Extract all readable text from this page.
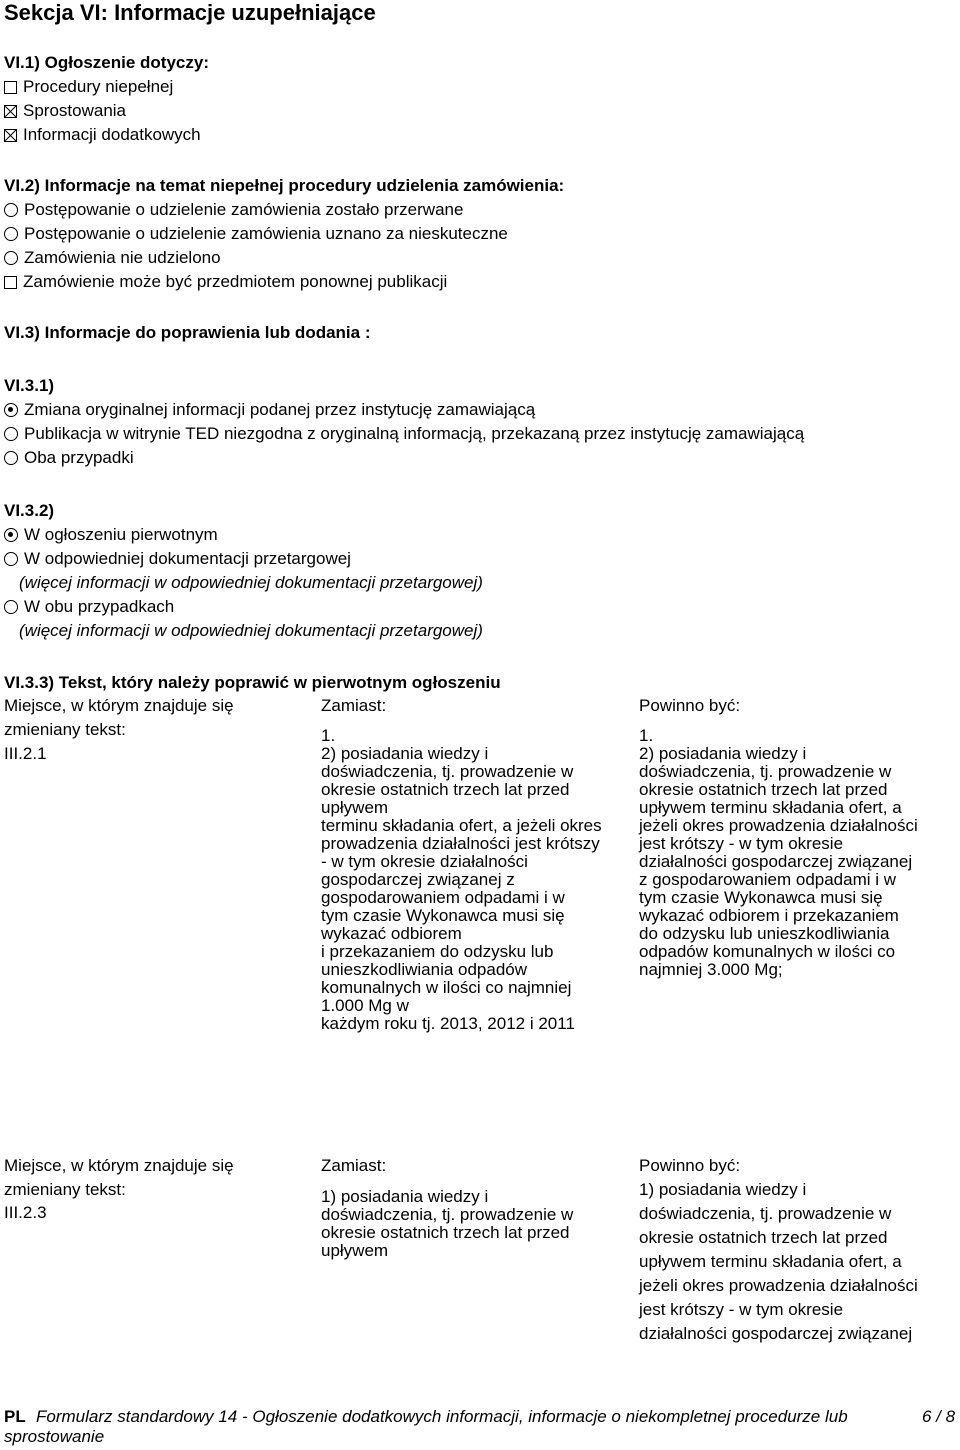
Sekcja VI: Informacje uzupełniające
VI.1) Ogłoszenie dotyczy:
Procedury niepełnej
Sprostowania
Informacji dodatkowych
VI.2) Informacje na temat niepełnej procedury udzielenia zamówienia:
Postępowanie o udzielenie zamówienia zostało przerwane
Postępowanie o udzielenie zamówienia uznano za nieskuteczne
Zamówienia nie udzielono
Zamówienie może być przedmiotem ponownej publikacji
VI.3) Informacje do poprawienia lub dodania :
VI.3.1)
Zmiana oryginalnej informacji podanej przez instytucję zamawiającą
Publikacja w witrynie TED niezgodna z oryginalną informacją, przekazaną przez instytucję zamawiającą
Oba przypadki
VI.3.2)
W ogłoszeniu pierwotnym
W odpowiedniej dokumentacji przetargowej
(więcej informacji w odpowiedniej dokumentacji przetargowej)
W obu przypadkach
(więcej informacji w odpowiedniej dokumentacji przetargowej)
VI.3.3) Tekst, który należy poprawić w pierwotnym ogłoszeniu
Miejsce, w którym znajduje się
zmieniany tekst:
III.2.1
Zamiast:
1.
2) posiadania wiedzy i
doświadczenia, tj. prowadzenie w
okresie ostatnich trzech lat przed
upływem
terminu składania ofert, a jeżeli okres
prowadzenia działalności jest krótszy
- w tym okresie działalności
gospodarczej związanej z
gospodarowaniem odpadami i w
tym czasie Wykonawca musi się
wykazać odbiorem
i przekazaniem do odzysku lub
unieszkodliwiania odpadów
komunalnych w ilości co najmniej
1.000 Mg w
każdym roku tj. 2013, 2012 i 2011
Powinno być:
1.
2) posiadania wiedzy i
doświadczenia, tj. prowadzenie w
okresie ostatnich trzech lat przed
upływem terminu składania ofert, a
jeżeli okres prowadzenia działalności
jest krótszy - w tym okresie
działalności gospodarczej związanej
z gospodarowaniem odpadami i w
tym czasie Wykonawca musi się
wykazać odbiorem i przekazaniem
do odzysku lub unieszkodliwiania
odpadów komunalnych w ilości co
najmniej 3.000 Mg;
Miejsce, w którym znajduje się
zmieniany tekst:
III.2.3
Zamiast:
1) posiadania wiedzy i
doświadczenia, tj. prowadzenie w
okresie ostatnich trzech lat przed
upływem
Powinno być:
1) posiadania wiedzy i
doświadczenia, tj. prowadzenie w
okresie ostatnich trzech lat przed
upływem terminu składania ofert, a
jeżeli okres prowadzenia działalności
jest krótszy - w tym okresie
działalności gospodarczej związanej
PL Formularz standardowy 14 - Ogłoszenie dodatkowych informacji, informacje o niekompletnej procedurze lub
sprostowanie
6 / 8
